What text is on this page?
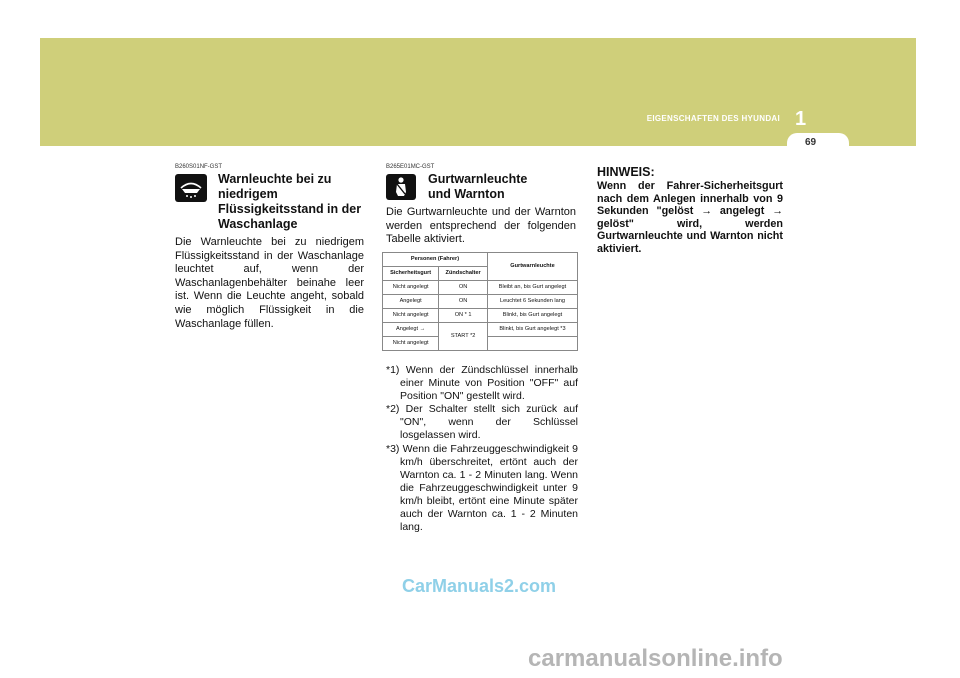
EIGENSCHAFTEN DES HYUNDAI 1
69
B260S01NF-GST
Warnleuchte bei zu
niedrigem
Flüssigkeitsstand in der
Waschanlage
Die Warnleuchte bei zu niedrigem Flüssigkeitsstand in der Waschanlage leuchtet auf, wenn der Waschanlagenbehälter beinahe leer ist. Wenn die Leuchte angeht, sobald wie möglich Flüssigkeit in die Waschanlage füllen.
B265E01MC-GST
Gurtwarnleuchte
und Warnton
Die Gurtwarnleuchte und der Warnton werden entsprechend der folgenden Tabelle aktiviert.
Personen (Fahrer)		Gurtwarnleuchte
Sicherheitsgurt	Zündschalter	
Nicht angelegt	ON	Bleibt an, bis Gurt angelegt
Angelegt	ON	Leuchtet 6 Sekunden lang
Nicht angelegt	ON * 1	Blinkt, bis Gurt angelegt
Angelegt →	START *2	Blinkt, bis Gurt angelegt *3
Nicht angelegt		

*1) Wenn der Zündschlüssel innerhalb einer Minute von Position "OFF" auf Position "ON" gestellt wird.

*2) Der Schalter stellt sich zurück auf "ON", wenn der Schlüssel losgelassen wird.

*3) Wenn die Fahrzeuggeschwindigkeit 9 km/h überschreitet, ertönt auch der Warnton ca. 1 - 2 Minuten lang. Wenn die Fahrzeuggeschwindigkeit unter 9 km/h bleibt, ertönt eine Minute später auch der Warnton ca. 1 - 2 Minuten lang.

HINWEIS:
Wenn der Fahrer-Sicherheitsgurt nach dem Anlegen innerhalb von 9 Sekunden "gelöst → angelegt → gelöst" wird, werden Gurtwarnleuchte und Warnton nicht aktiviert.
CarManuals2.com
carmanualsonline.info
